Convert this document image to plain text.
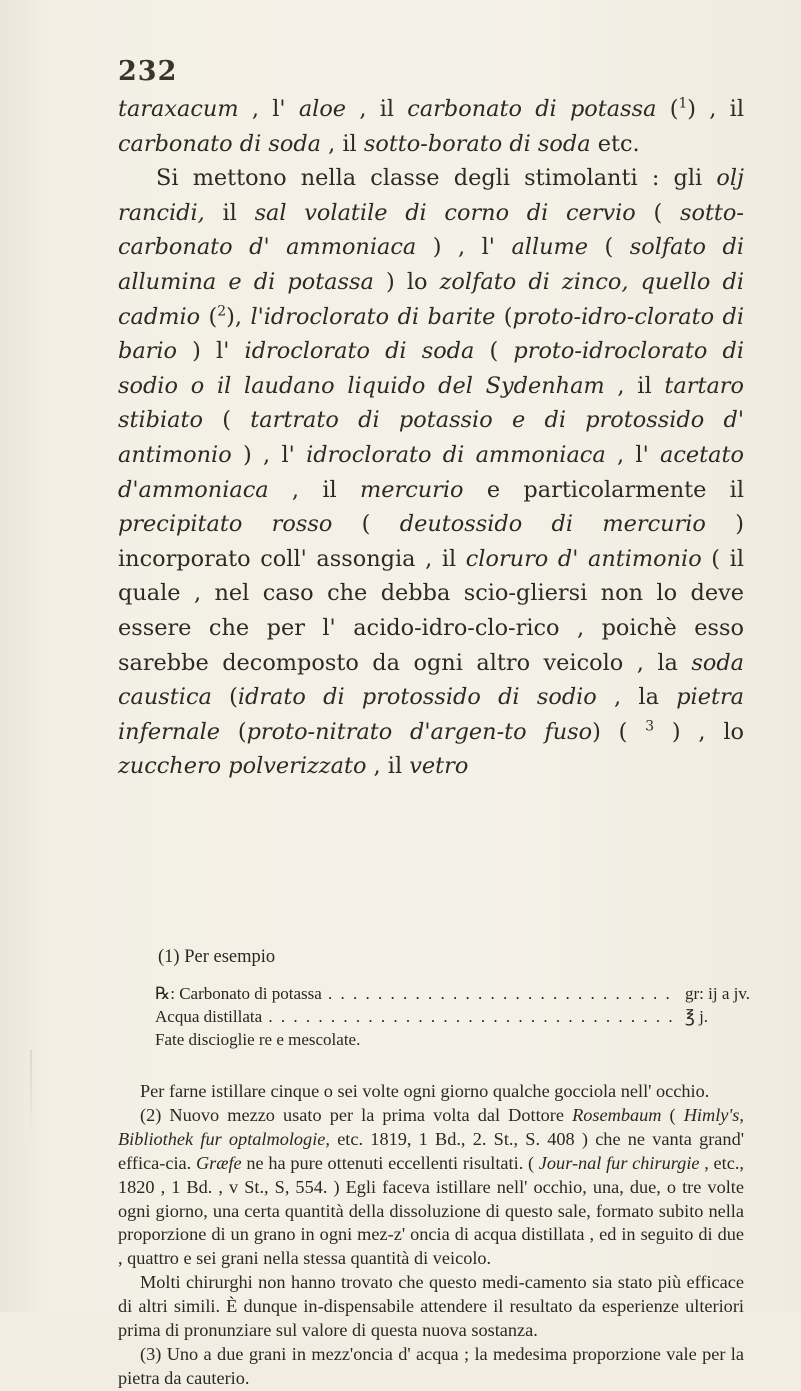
232

taraxacum , l' aloe , il carbonato di potassa ($^1$) , il carbonato di soda , il sotto-borato di soda etc.

Si mettono nella classe degli stimolanti : gli olj rancidi, il sal volatile di corno di cervio ( sotto-carbonato d' ammoniaca ) , l' allume ( solfato di allumina e di potassa ) lo zolfato di zinco, quello di cadmio ($^2$), l'idroclorato di barite (proto-idro-clorato di bario ) l' idroclorato di soda ( proto-idroclorato di sodio o il laudano liquido del Sydenham , il tartaro stibiato ( tartrato di potassio e di protossido d' antimonio ) , l' idroclorato di ammoniaca , l' acetato d'ammoniaca , il mercurio e particolarmente il precipitato rosso ( deutossido di mercurio ) incorporato coll' assongia , il cloruro d' antimonio ( il quale , nel caso che debba scio-gliersi non lo deve essere che per l' acido-idro-clo-rico , poichè esso sarebbe decomposto da ogni altro veicolo , la soda caustica (idrato di protossido di sodio , la pietra infernale (proto-nitrato d'argen-to fuso) ( $^3$ ) , lo zucchero polverizzato , il vetro

(1) Per esempio
℞: Carbonato di potassa . . .	gr: ij a jv.
Acqua distillata . . .	℥ j.
Fate discioglie re e mescolate.

Per farne istillare cinque o sei volte ogni giorno qualche gocciola nell' occhio.

(2) Nuovo mezzo usato per la prima volta dal Dottore Rosembaum ( Himly's, Bibliothek fur optalmologie, etc. 1819, 1 Bd., 2. St., S. 408 ) che ne vanta grand' effica-cia. Græfe ne ha pure ottenuti eccellenti risultati. ( Jour-nal fur chirurgie , etc., 1820 , 1 Bd. , v St., S, 554. ) Egli faceva istillare nell' occhio, una, due, o tre volte ogni giorno, una certa quantità della dissoluzione di questo sale, formato subito nella proporzione di un grano in ogni mez-z' oncia di acqua distillata , ed in seguito di due , quattro e sei grani nella stessa quantità di veicolo.

Molti chirurghi non hanno trovato che questo medi-camento sia stato più efficace di altri simili. È dunque in-dispensabile attendere il resultato da esperienze ulteriori prima di pronunziare sul valore di questa nuova sostanza.

(3) Uno a due grani in mezz'oncia d' acqua ; la medesima proporzione vale per la pietra da cauterio.
